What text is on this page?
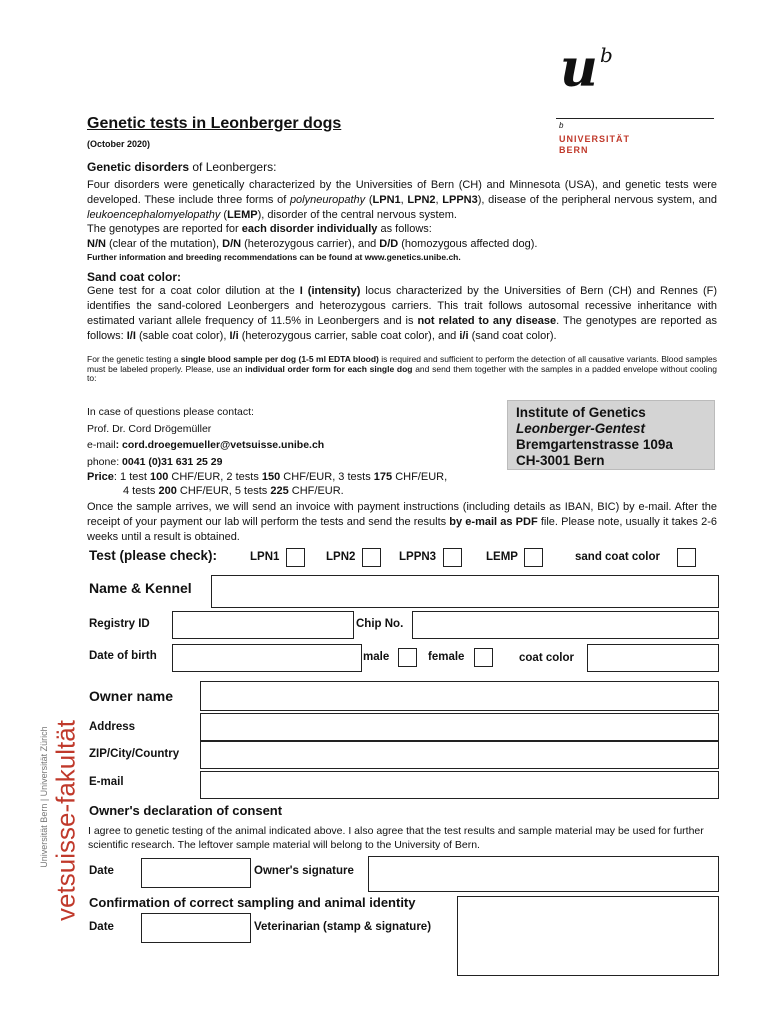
u b
b
UNIVERSITÄT
BERN
Genetic tests in Leonberger dogs
(October 2020)
Genetic disorders of Leonbergers:
Four disorders were genetically characterized by the Universities of Bern (CH) and Minnesota (USA), and genetic tests were developed. These include three forms of polyneuropathy (LPN1, LPN2, LPPN3), disease of the peripheral nervous system, and leukoencephalomyelopathy (LEMP), disorder of the central nervous system.
The genotypes are reported for each disorder individually as follows:
N/N (clear of the mutation), D/N (heterozygous carrier), and D/D (homozygous affected dog).
Further information and breeding recommendations can be found at www.genetics.unibe.ch.
Sand coat color:
Gene test for a coat color dilution at the I (intensity) locus characterized by the Universities of Bern (CH) and Rennes (F) identifies the sand-colored Leonbergers and heterozygous carriers. This trait follows autosomal recessive inheritance with estimated variant allele frequency of 11.5% in Leonbergers and is not related to any disease. The genotypes are reported as follows: I/I (sable coat color), I/i (heterozygous carrier, sable coat color), and i/i (sand coat color).
For the genetic testing a single blood sample per dog (1-5 ml EDTA blood) is required and sufficient to perform the detection of all causative variants. Blood samples must be labeled properly. Please, use an individual order form for each single dog and send them together with the samples in a padded envelope without cooling to:
In case of questions please contact:
Prof. Dr. Cord Drögemüller
e-mail: cord.droegemueller@vetsuisse.unibe.ch
phone: 0041 (0)31 631 25 29
Institute of Genetics
Leonberger-Gentest
Bremgartenstrasse 109a
CH-3001 Bern
Price: 1 test 100 CHF/EUR, 2 tests 150 CHF/EUR, 3 tests 175 CHF/EUR,
4 tests 200 CHF/EUR, 5 tests 225 CHF/EUR.
Once the sample arrives, we will send an invoice with payment instructions (including details as IBAN, BIC) by e-mail. After the receipt of your payment our lab will perform the tests and send the results by e-mail as PDF file. Please note, usually it takes 2-6 weeks until a result is obtained.
Test (please check):	LPN1	LPN2	LPPN3	LEMP	sand coat color
Name & Kennel
Registry ID	Chip No.
Date of birth	male	female	coat color
Owner name
Address
ZIP/City/Country
E-mail
Owner's declaration of consent
I agree to genetic testing of the animal indicated above. I also agree that the test results and sample material may be used for further scientific research. The leftover sample material will belong to the University of Bern.
Date	Owner's signature
Confirmation of correct sampling and animal identity
Date	Veterinarian (stamp & signature)
Universität Bern | Universität Zürich vetsuisse-fakultät
